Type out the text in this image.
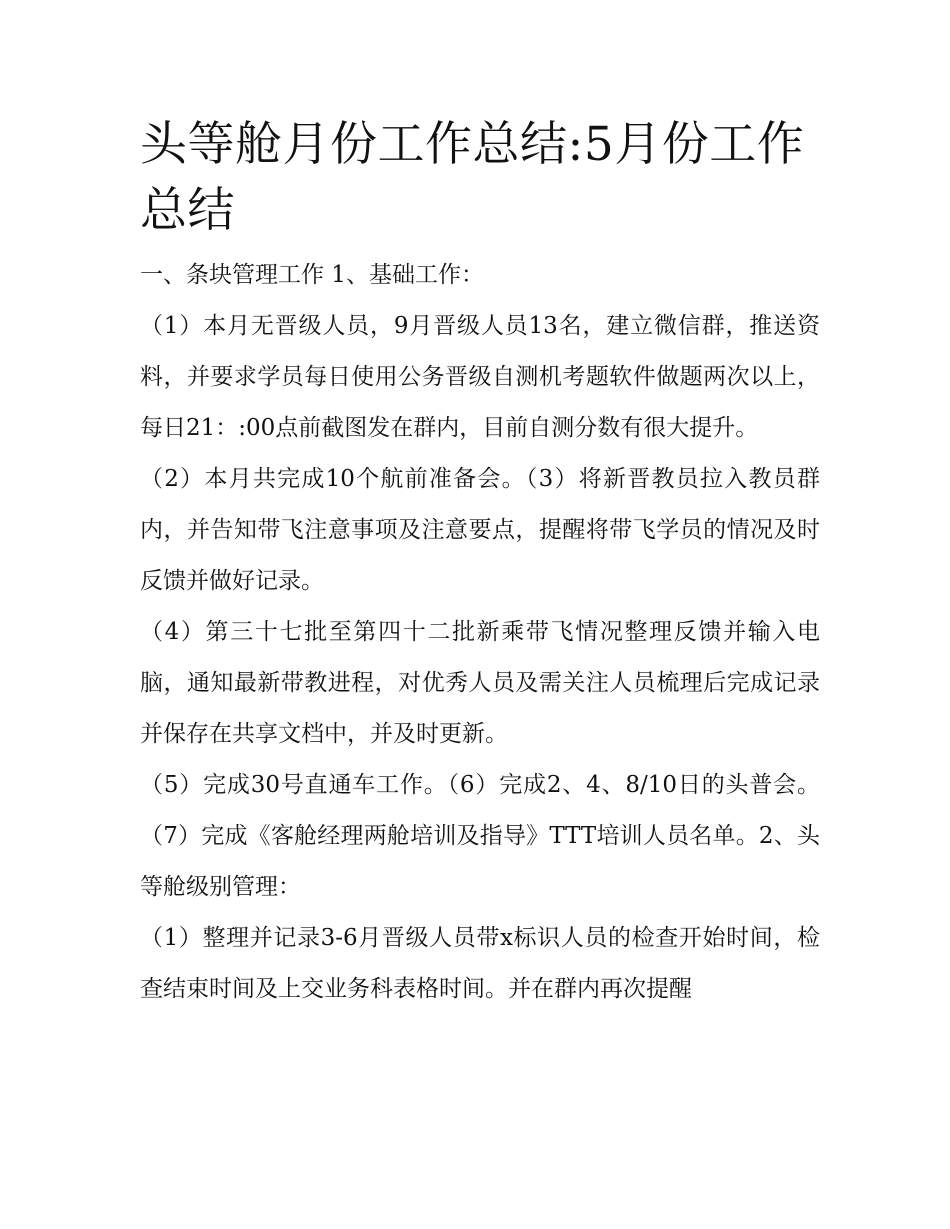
头等舱月份工作总结:5月份工作总结

一、条块管理工作 1、基础工作：

（1）本月无晋级人员，9月晋级人员13名，建立微信群，推送资料，并要求学员每日使用公务晋级自测机考题软件做题两次以上，每日21：:00点前截图发在群内，目前自测分数有很大提升。

（2）本月共完成10个航前准备会。（3）将新晋教员拉入教员群内，并告知带飞注意事项及注意要点，提醒将带飞学员的情况及时反馈并做好记录。

（4）第三十七批至第四十二批新乘带飞情况整理反馈并输入电脑，通知最新带教进程，对优秀人员及需关注人员梳理后完成记录并保存在共享文档中，并及时更新。

（5）完成30号直通车工作。（6）完成2、4、8/10日的头普会。（7）完成《客舱经理两舱培训及指导》TTT培训人员名单。2、头等舱级别管理：

（1）整理并记录3-6月晋级人员带x标识人员的检查开始时间，检查结束时间及上交业务科表格时间。并在群内再次提醒
